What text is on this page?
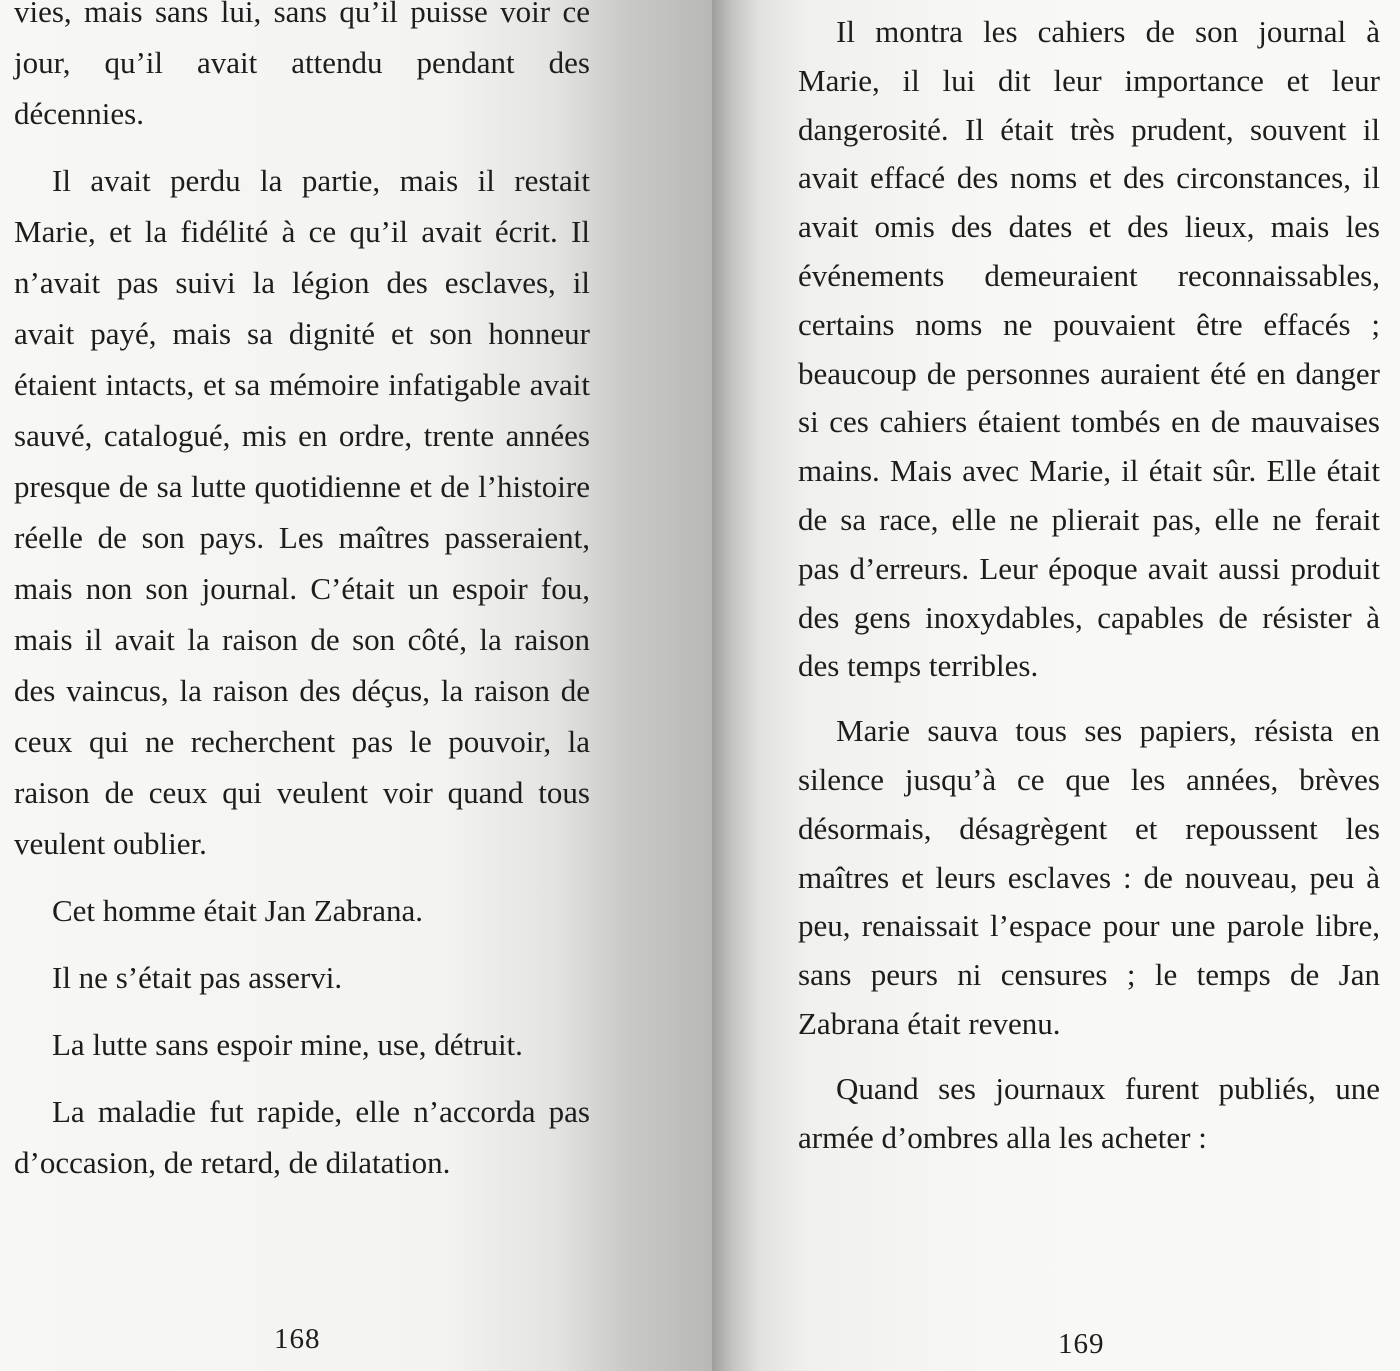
vies, mais sans lui, sans qu’il puisse voir ce jour, qu’il avait attendu pendant des décennies.

Il avait perdu la partie, mais il restait Marie, et la fidélité à ce qu’il avait écrit. Il n’avait pas suivi la légion des esclaves, il avait payé, mais sa dignité et son honneur étaient intacts, et sa mémoire infatigable avait sauvé, catalogué, mis en ordre, trente années presque de sa lutte quotidienne et de l’histoire réelle de son pays. Les maîtres passeraient, mais non son journal. C’était un espoir fou, mais il avait la raison de son côté, la raison des vaincus, la raison des déçus, la raison de ceux qui ne recherchent pas le pouvoir, la raison de ceux qui veulent voir quand tous veulent oublier.

Cet homme était Jan Zabrana.

Il ne s’était pas asservi.

La lutte sans espoir mine, use, détruit.

La maladie fut rapide, elle n’accorda pas d’occasion, de retard, de dilatation.

168

Il montra les cahiers de son journal à Marie, il lui dit leur importance et leur dangerosité. Il était très prudent, souvent il avait effacé des noms et des circonstances, il avait omis des dates et des lieux, mais les événements demeuraient reconnaissables, certains noms ne pouvaient être effacés ; beaucoup de personnes auraient été en danger si ces cahiers étaient tombés en de mauvaises mains. Mais avec Marie, il était sûr. Elle était de sa race, elle ne plierait pas, elle ne ferait pas d’erreurs. Leur époque avait aussi produit des gens inoxydables, capables de résister à des temps terribles.

Marie sauva tous ses papiers, résista en silence jusqu’à ce que les années, brèves désormais, désagrègent et repoussent les maîtres et leurs esclaves : de nouveau, peu à peu, renaissait l’espace pour une parole libre, sans peurs ni censures ; le temps de Jan Zabrana était revenu.

Quand ses journaux furent publiés, une armée d’ombres alla les acheter :

169
